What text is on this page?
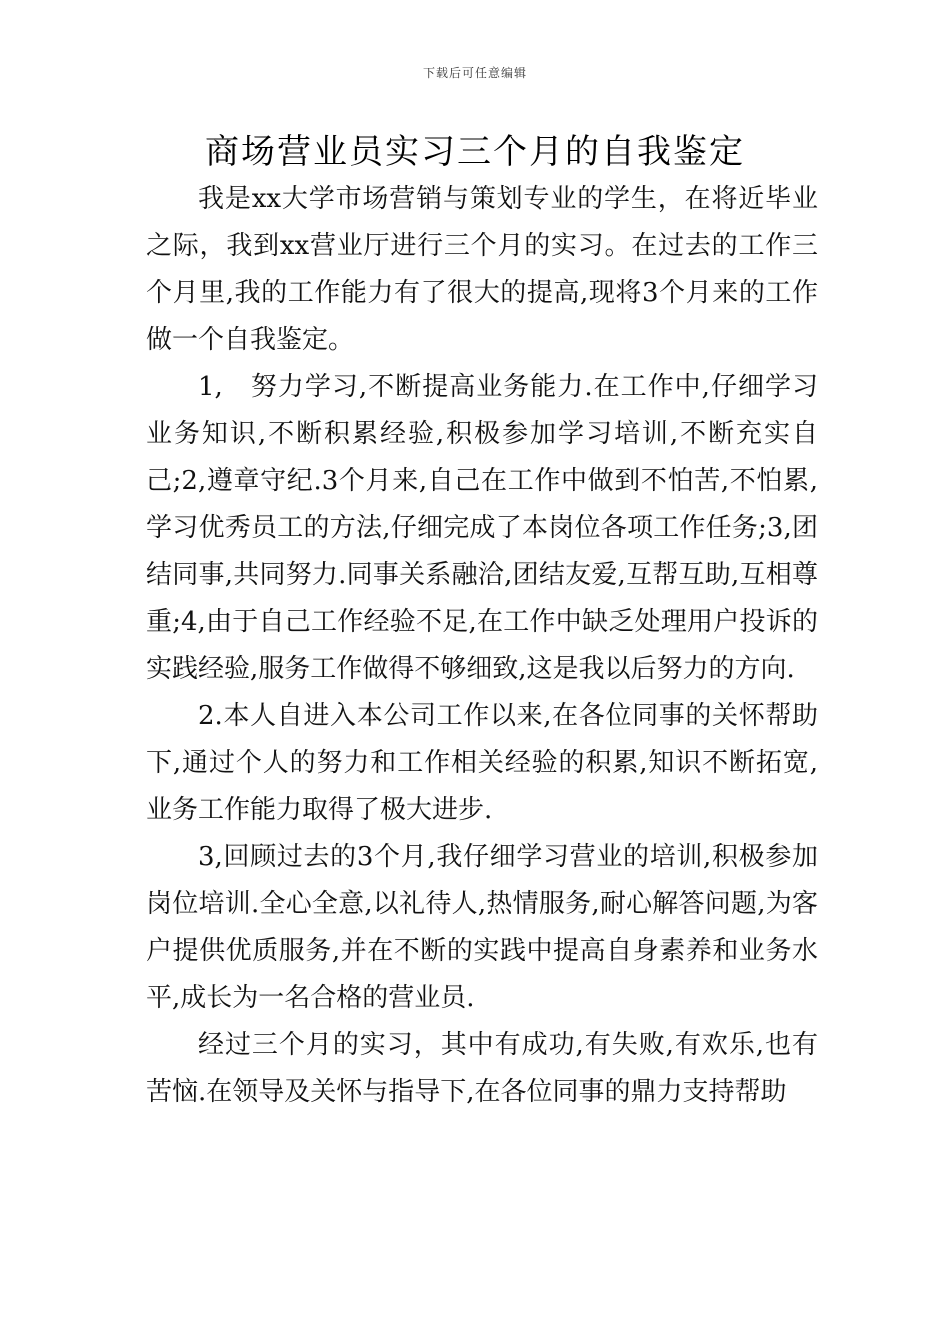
下载后可任意编辑
商场营业员实习三个月的自我鉴定

我是xx大学市场营销与策划专业的学生，在将近毕业之际，我到xx营业厅进行三个月的实习。在过去的工作三个月里,我的工作能力有了很大的提高,现将3个月来的工作做一个自我鉴定。

1,　努力学习,不断提高业务能力.在工作中,仔细学习业务知识,不断积累经验,积极参加学习培训,不断充实自己;2,遵章守纪.3个月来,自己在工作中做到不怕苦,不怕累,学习优秀员工的方法,仔细完成了本岗位各项工作任务;3,团结同事,共同努力.同事关系融洽,团结友爱,互帮互助,互相尊重;4,由于自己工作经验不足,在工作中缺乏处理用户投诉的实践经验,服务工作做得不够细致,这是我以后努力的方向.

2.本人自进入本公司工作以来,在各位同事的关怀帮助下,通过个人的努力和工作相关经验的积累,知识不断拓宽,业务工作能力取得了极大进步.

3,回顾过去的3个月,我仔细学习营业的培训,积极参加岗位培训.全心全意,以礼待人,热情服务,耐心解答问题,为客户提供优质服务,并在不断的实践中提高自身素养和业务水平,成长为一名合格的营业员.

经过三个月的实习，其中有成功,有失败,有欢乐,也有苦恼.在领导及关怀与指导下,在各位同事的鼎力支持帮助
